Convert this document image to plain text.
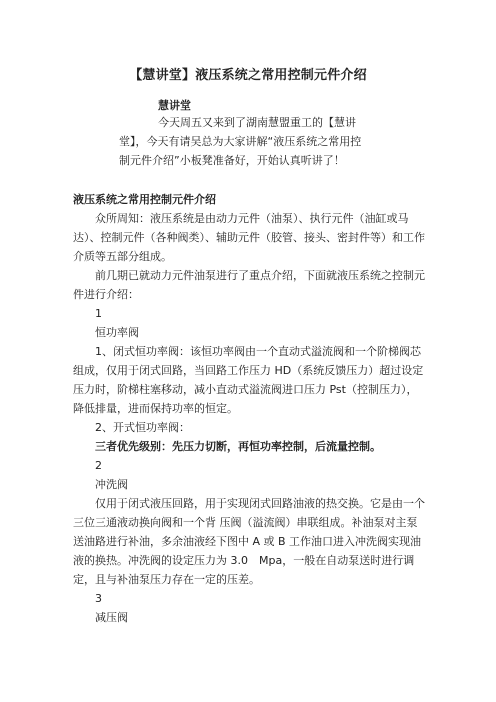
【慧讲堂】液压系统之常用控制元件介绍
慧讲堂

今天周五又来到了湖南慧盟重工的【慧讲堂】，今天有请吴总为大家讲解“液压系统之常用控制元件介绍”小板凳准备好，开始认真听讲了！

液压系统之常用控制元件介绍

众所周知：液压系统是由动力元件（油泵）、执行元件（油缸或马达）、控制元件（各种阀类）、辅助元件（胶管、接头、密封件等）和工作介质等五部分组成。

前几期已就动力元件油泵进行了重点介绍，下面就液压系统之控制元件进行介绍：

1

恒功率阀

1、闭式恒功率阀：该恒功率阀由一个直动式溢流阀和一个阶梯阀芯组成，仅用于闭式回路，当回路工作压力 HD（系统反馈压力）超过设定压力时，阶梯柱塞移动，减小直动式溢流阀进口压力 Pst（控制压力），降低排量，进而保持功率的恒定。

2、开式恒功率阀：

三者优先级别：先压力切断，再恒功率控制，后流量控制。

2

冲洗阀

仅用于闭式液压回路，用于实现闭式回路油液的热交换。它是由一个三位三通液动换向阀和一个背 压阀（溢流阀）串联组成。补油泵对主泵送油路进行补油，多余油液经下图中 A 或 B 工作油口进入冲洗阀实现油液的换热。冲洗阀的设定压力为 3.0　Mpa，一般在自动泵送时进行调定，且与补油泵压力存在一定的压差。

3

减压阀
